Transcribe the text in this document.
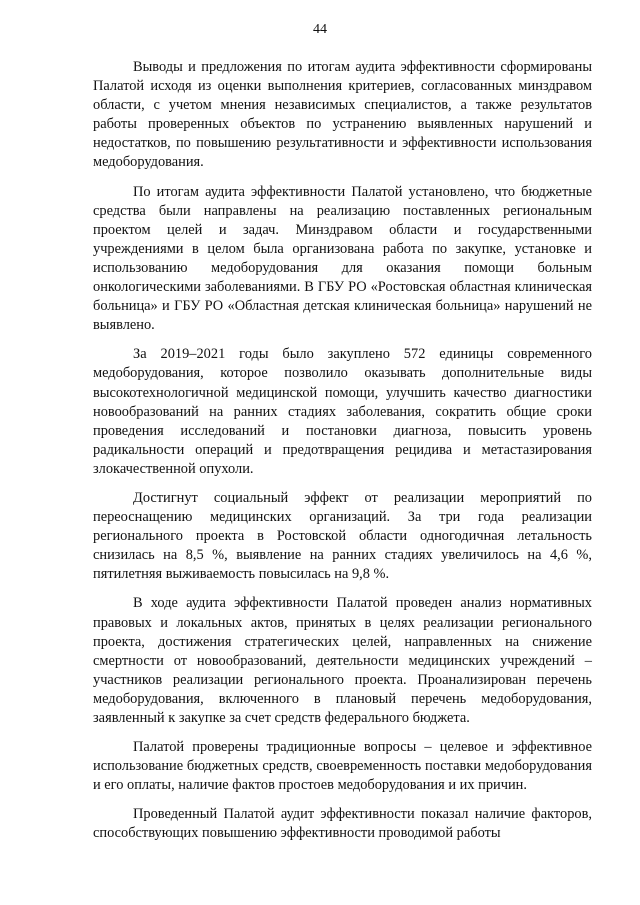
44

Выводы и предложения по итогам аудита эффективности сформированы Палатой исходя из оценки выполнения критериев, согласованных минздравом области, с учетом мнения независимых специалистов, а также результатов работы проверенных объектов по устранению выявленных нарушений и недостатков, по повышению результативности и эффективности использования медоборудования.

По итогам аудита эффективности Палатой установлено, что бюджетные средства были направлены на реализацию поставленных региональным проектом целей и задач. Минздравом области и государственными учреждениями в целом была организована работа по закупке, установке и использованию медоборудования для оказания помощи больным онкологическими заболеваниями. В ГБУ РО «Ростовская областная клиническая больница» и ГБУ РО «Областная детская клиническая больница» нарушений не выявлено.

За 2019–2021 годы было закуплено 572 единицы современного медоборудования, которое позволило оказывать дополнительные виды высокотехнологичной медицинской помощи, улучшить качество диагностики новообразований на ранних стадиях заболевания, сократить общие сроки проведения исследований и постановки диагноза, повысить уровень радикальности операций и предотвращения рецидива и метастазирования злокачественной опухоли.

Достигнут социальный эффект от реализации мероприятий по переоснащению медицинских организаций. За три года реализации регионального проекта в Ростовской области одногодичная летальность снизилась на 8,5 %, выявление на ранних стадиях увеличилось на 4,6 %, пятилетняя выживаемость повысилась на 9,8 %.

В ходе аудита эффективности Палатой проведен анализ нормативных правовых и локальных актов, принятых в целях реализации регионального проекта, достижения стратегических целей, направленных на снижение смертности от новообразований, деятельности медицинских учреждений – участников реализации регионального проекта. Проанализирован перечень медоборудования, включенного в плановый перечень медоборудования, заявленный к закупке за счет средств федерального бюджета.

Палатой проверены традиционные вопросы – целевое и эффективное использование бюджетных средств, своевременность поставки медоборудования и его оплаты, наличие фактов простоев медоборудования и их причин.

Проведенный Палатой аудит эффективности показал наличие факторов, способствующих повышению эффективности проводимой работы
